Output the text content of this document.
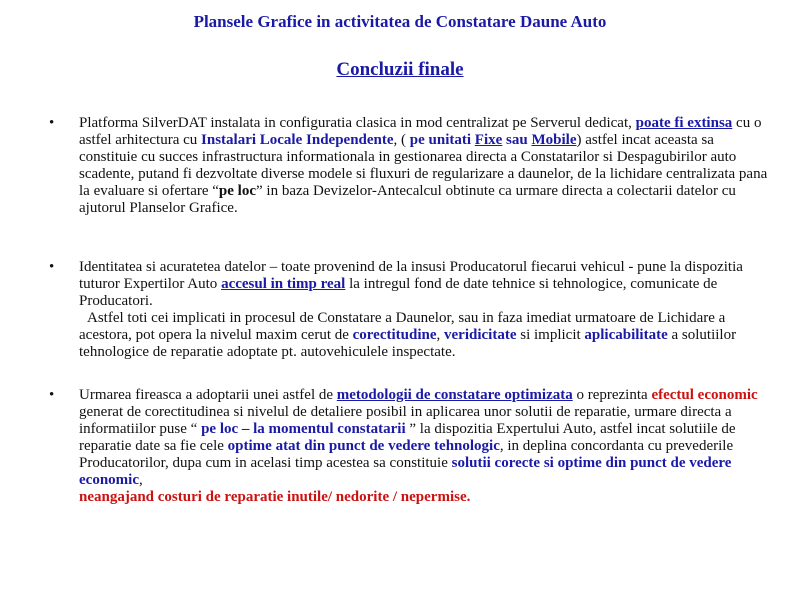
Plansele Grafice in activitatea de Constatare Daune Auto
Concluzii finale
• Platforma SilverDAT instalata in configuratia clasica in mod centralizat pe Serverul dedicat, poate fi extinsa cu o astfel arhitectura cu Instalari Locale Independente, ( pe unitati Fixe sau Mobile) astfel incat aceasta sa constituie cu succes infrastructura informationala in gestionarea directa a Constatarilor si Despagubirilor auto scadente, putand fi dezvoltate diverse modele si fluxuri de regularizare a daunelor, de la lichidare centralizata pana la evaluare si ofertare “pe loc” in baza Devizelor-Antecalcul obtinute ca urmare directa a colectarii datelor cu ajutorul Planselor Grafice.
• Identitatea si acuratetea datelor – toate provenind de la insusi Producatorul fiecarui vehicul - pune la dispozitia tuturor Expertilor Auto accesul in timp real la intregul fond de date tehnice si tehnologice, comunicate de Producatori.
Astfel toti cei implicati in procesul de Constatare a Daunelor, sau in faza imediat urmatoare de Lichidare a acestora, pot opera la nivelul maxim cerut de corectitudine, veridicitate si implicit aplicabilitate a solutiilor tehnologice de reparatie adoptate pt. autovehiculele inspectate.
• Urmarea fireasca a adoptarii unei astfel de metodologii de constatare optimizata o reprezinta efectul economic generat de corectitudinea si nivelul de detaliere posibil in aplicarea unor solutii de reparatie, urmare directa a informatiilor puse “ pe loc – la momentul constatarii ” la dispozitia Expertului Auto, astfel incat solutiile de reparatie date sa fie cele optime atat din punct de vedere tehnologic, in deplina concordanta cu prevederile Producatorilor, dupa cum in acelasi timp acestea sa constituie solutii corecte si optime din punct de vedere economic,
neangajand costuri de reparatie inutile/ nedorite / nepermise.
